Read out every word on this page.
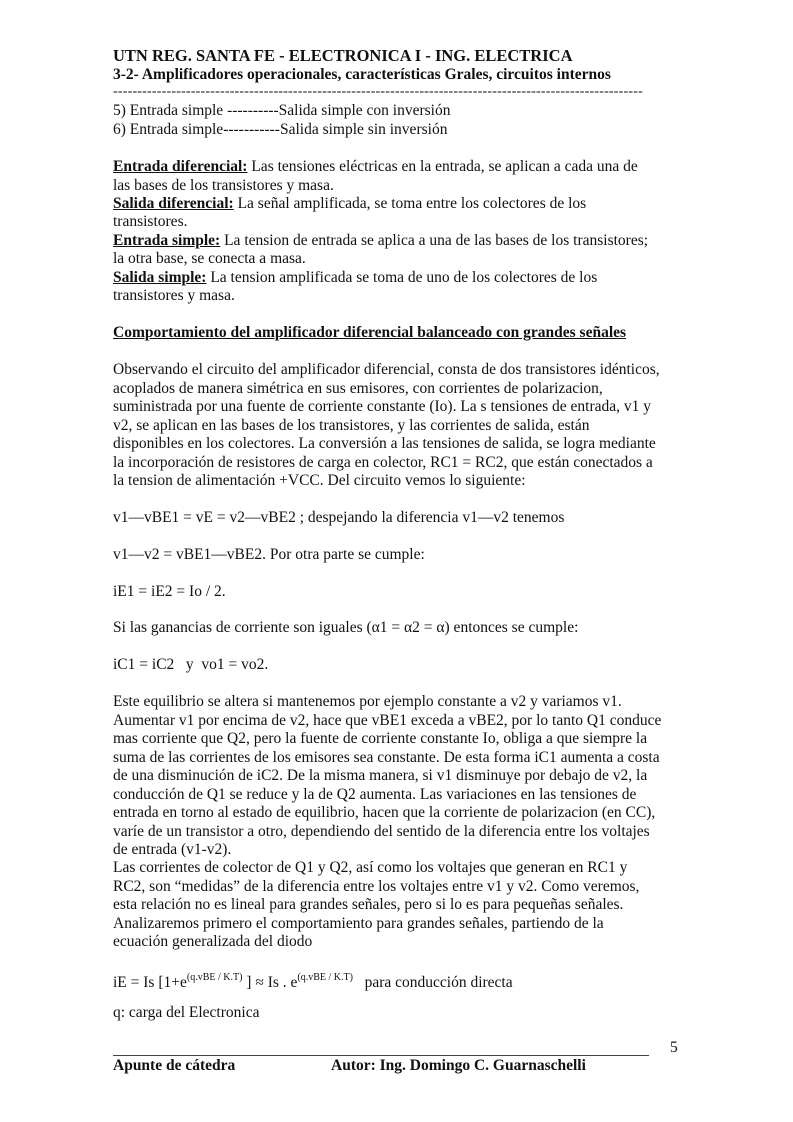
UTN REG. SANTA FE - ELECTRONICA I - ING. ELECTRICA
3-2- Amplificadores operacionales, características Grales, circuitos internos
-------------------------------------------------------------------------------------------------------------
5) Entrada simple ----------Salida simple con inversión
6) Entrada simple-----------Salida simple sin inversión
Entrada diferencial: Las tensiones eléctricas en la entrada, se aplican a cada una de
las bases de los transistores y masa.
Salida diferencial: La señal amplificada, se toma entre los colectores de los
transistores.
Entrada simple: La tension de entrada se aplica a una de las bases de los transistores;
la otra base, se conecta a masa.
Salida simple: La tension amplificada se toma de uno de los colectores de los
transistores y masa.
Comportamiento del amplificador diferencial balanceado con grandes señales
Observando el circuito del amplificador diferencial, consta de dos transistores idénticos,
acoplados de manera simétrica en sus emisores, con corrientes de polarizacion,
suministrada por una fuente de corriente constante (Io). La s tensiones de entrada, v1 y
v2, se aplican en las bases de los transistores, y las corrientes de salida, están
disponibles en los colectores. La conversión a las tensiones de salida, se logra mediante
la incorporación de resistores de carga en colector, RC1 = RC2, que están conectados a
la tension de alimentación +VCC. Del circuito vemos lo siguiente:
v1—vBE1 = vE = v2—vBE2 ; despejando la diferencia v1—v2 tenemos
v1—v2 = vBE1—vBE2. Por otra parte se cumple:
iE1 = iE2 = Io / 2.
Si las ganancias de corriente son iguales (α1 = α2 = α) entonces se cumple:
iC1 = iC2   y  vo1 = vo2.
Este equilibrio se altera si mantenemos por ejemplo constante a v2 y variamos v1.
Aumentar v1 por encima de v2, hace que vBE1 exceda a vBE2, por lo tanto Q1 conduce
mas corriente que Q2, pero la fuente de corriente constante Io, obliga a que siempre la
suma de las corrientes de los emisores sea constante. De esta forma iC1 aumenta a costa
de una disminución de iC2. De la misma manera, si v1 disminuye por debajo de v2, la
conducción de Q1 se reduce y la de Q2 aumenta. Las variaciones en las tensiones de
entrada en torno al estado de equilibrio, hacen que la corriente de polarizacion (en CC),
varíe de un transistor a otro, dependiendo del sentido de la diferencia entre los voltajes
de entrada (v1-v2).
Las corrientes de colector de Q1 y Q2, así como los voltajes que generan en RC1 y
RC2, son “medidas” de la diferencia entre los voltajes entre v1 y v2. Como veremos,
esta relación no es lineal para grandes señales, pero si lo es para pequeñas señales.
Analizaremos primero el comportamiento para grandes señales, partiendo de la
ecuación generalizada del diodo
iE = Is [$1+e^{(q.vBE / K.T)}$ ] ≈ Is . $e^{(q.vBE / K.T)}$   para conducción directa
q: carga del Electronica
5
Apunte de cátedra	Autor: Ing. Domingo C. Guarnaschelli
